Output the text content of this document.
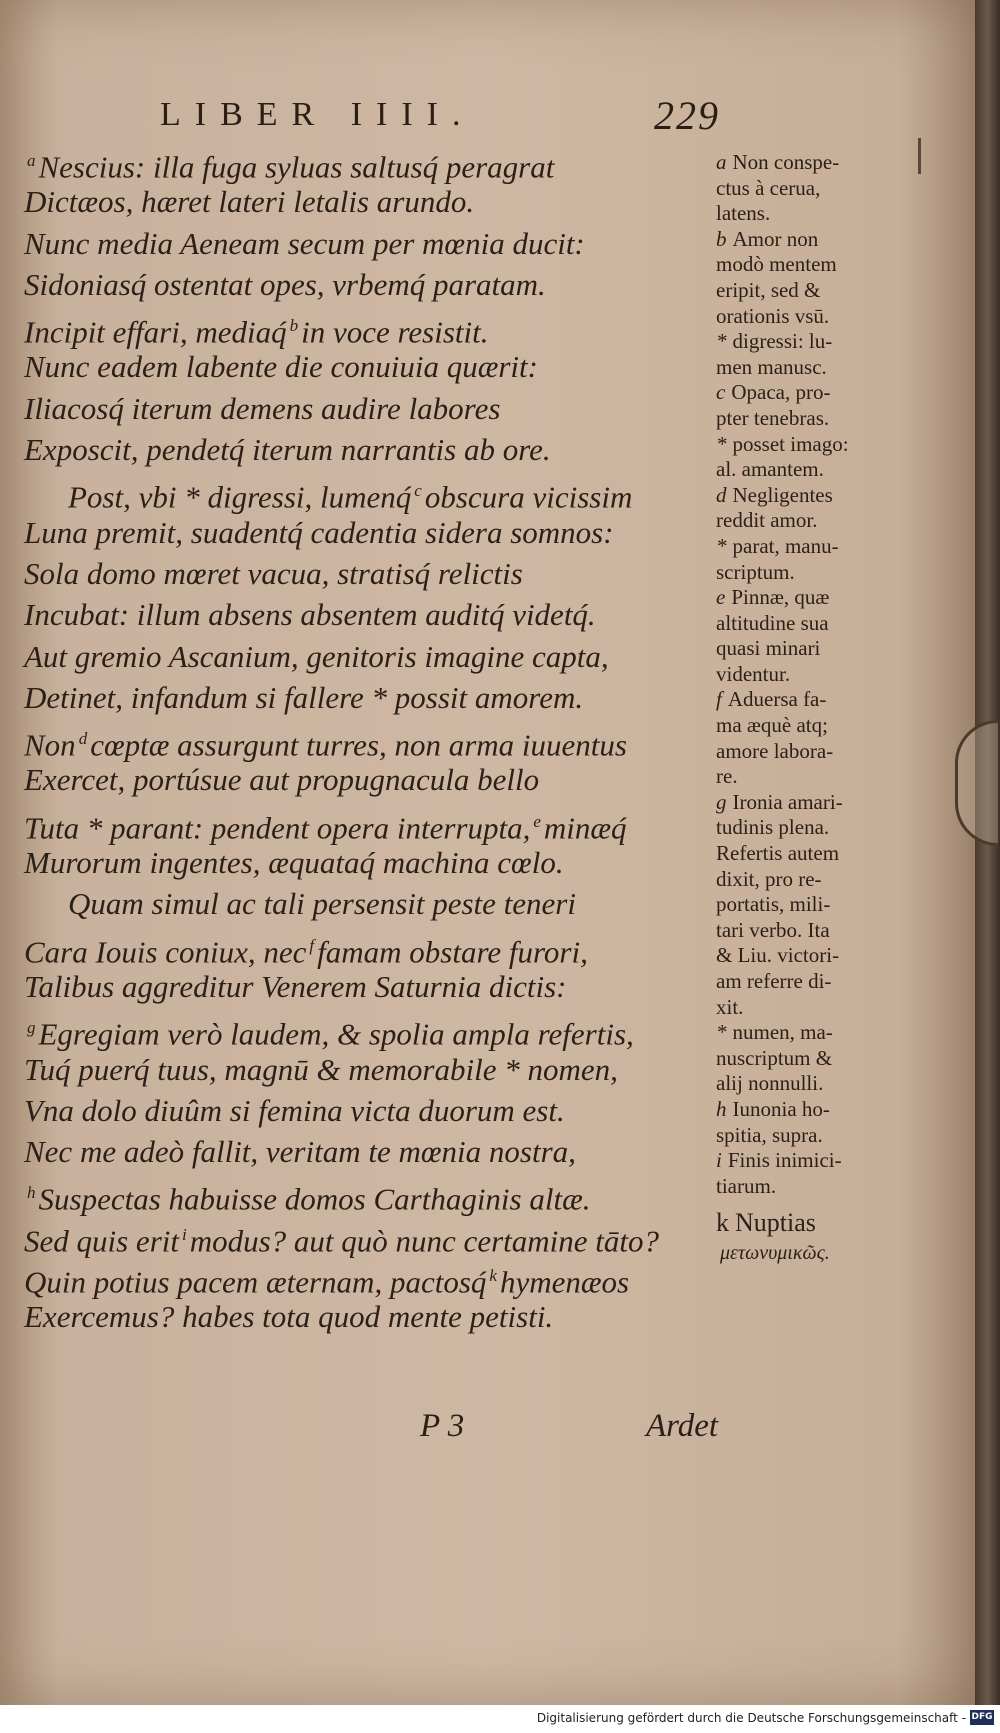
LIBER IIII.	229
$^a$Nescius: illa fuga syluas saltusq́ peragrat
Dictæos, hæret lateri letalis arundo.
Nunc media Aeneam secum per mœnia ducit:
Sidoniasq́ ostentat opes, vrbemq́ paratam.
Incipit effari, mediaq́ $^b$in voce resistit.
Nunc eadem labente die conuiuia quærit:
Iliacosq́ iterum demens audire labores
Exposcit, pendetq́ iterum narrantis ab ore.
Post, vbi * digressi, lumenq́ $^c$obscura vicissim
Luna premit, suadentq́ cadentia sidera somnos:
Sola domo mœret vacua, stratisq́ relictis
Incubat: illum absens absentem auditq́ videtq́.
Aut gremio Ascanium, genitoris imagine capta,
Detinet, infandum si fallere * possit amorem.
Non $^d$cœptæ assurgunt turres, non arma iuuentus
Exercet, portúsue aut propugnacula bello
Tuta * parant: pendent opera interrupta, $^e$minæq́
Murorum ingentes, æquataq́ machina cœlo.
Quam simul ac tali persensit peste teneri
Cara Iouis coniux, nec $^f$famam obstare furori,
Talibus aggreditur Venerem Saturnia dictis:
$^g$Egregiam verò laudem, & spolia ampla refertis,
Tuq́ puerq́ tuus, magnū & memorabile * nomen,
Vna dolo diuûm si femina victa duorum est.
Nec me adeò fallit, veritam te mœnia nostra,
$^h$Suspectas habuisse domos Carthaginis altæ.
Sed quis erit $^i$modus? aut quò nunc certamine tāto?
Quin potius pacem æternam, pactosq́ $^k$hymenæos
Exercemus? habes tota quod mente petisti.
a Non conspe-
ctus à cerua,
latens.
b Amor non
modò mentem
eripit, sed &
orationis vsū.
* digressi: lu-
men manusc.
c Opaca, pro-
pter tenebras.
* posset imago:
al. amantem.
d Negligentes
reddit amor.
* parat, manu-
scriptum.
e Pinnæ, quæ
altitudine sua
quasi minari
videntur.
f Aduersa fa-
ma æquè atq;
amore labora-
re.
g Ironia amari-
tudinis plena.
Refertis autem
dixit, pro re-
portatis, mili-
tari verbo. Ita
& Liu. victori-
am referre di-
xit.
* numen, ma-
nuscriptum &
alij nonnulli.
h Iunonia ho-
spitia, supra.
i Finis inimici-
tiarum.
k Nuptias
μετωνυμικῶς.
P 3	Ardet
Digitalisierung gefördert durch die Deutsche Forschungsgemeinschaft - DFG
